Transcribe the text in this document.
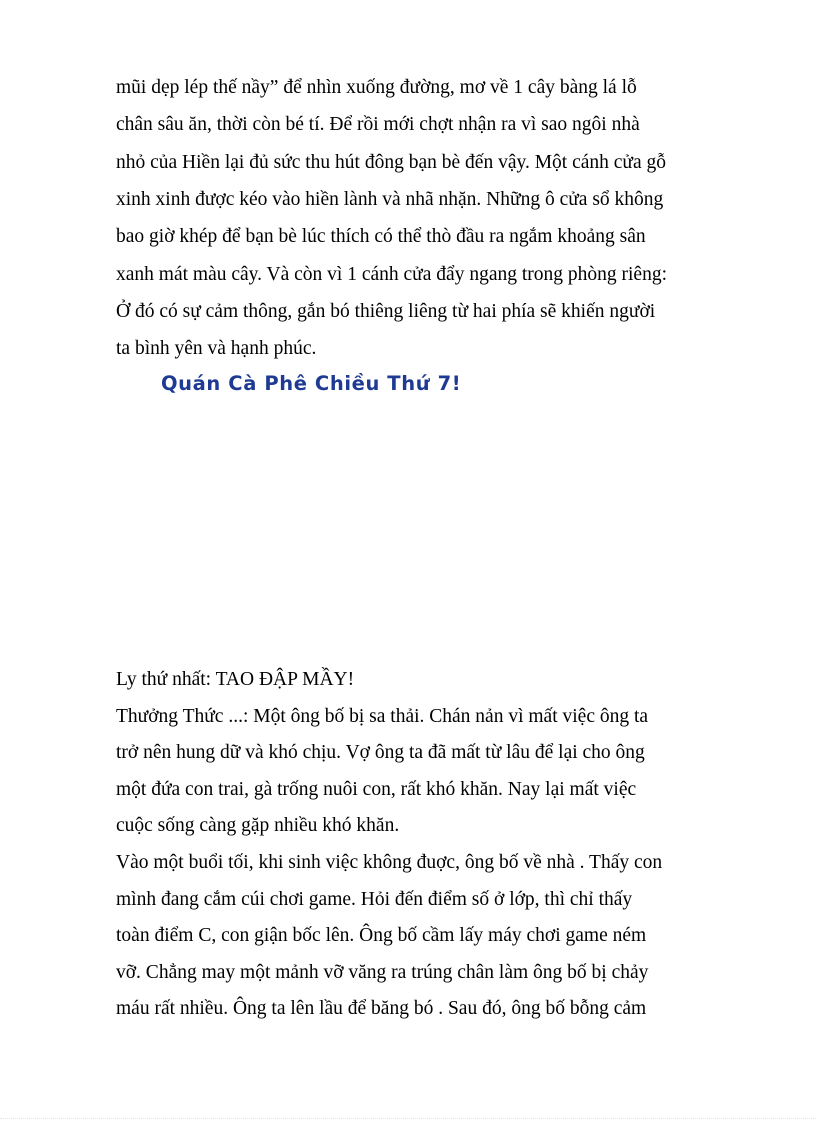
mũi dẹp lép thế nầy” để nhìn xuống đường, mơ về 1 cây bàng lá lỗ
chân sâu ăn, thời còn bé tí. Để rồi mới chợt nhận ra vì sao ngôi nhà
nhỏ của Hiền lại đủ sức thu hút đông bạn bè đến vậy. Một cánh cửa gỗ
xinh xinh được kéo vào hiền lành và nhã nhặn. Những ô cửa sổ không
bao giờ khép để bạn bè lúc thích có thể thò đầu ra ngắm khoảng sân
xanh mát màu cây. Và còn vì 1 cánh cửa đẩy ngang trong phòng riêng:
Ở đó có sự cảm thông, gắn bó thiêng liêng từ hai phía sẽ khiến người
ta bình yên và hạnh phúc.
Quán Cà Phê Chiều Thứ 7!
Ly thứ nhất: TAO ĐẬP MẦY!
Thưởng Thức ...: Một ông bố bị sa thải. Chán nản vì mất việc ông ta
trở nên hung dữ và khó chịu. Vợ ông ta đã mất từ lâu để lại cho ông
một đứa con trai, gà trống nuôi con, rất khó khăn. Nay lại mất việc
cuộc sống càng gặp nhiều khó khăn.
Vào một buổi tối, khi sinh việc không đuợc, ông bố về nhà . Thấy con
mình đang cắm cúi chơi game. Hỏi đến điểm số ở lớp, thì chỉ thấy
toàn điểm C, con giận bốc lên. Ông bố cầm lấy máy chơi game ném
vỡ. Chẳng may một mảnh vỡ văng ra trúng chân làm ông bố bị chảy
máu rất nhiều. Ông ta lên lầu để băng bó . Sau đó, ông bố bỗng cảm
